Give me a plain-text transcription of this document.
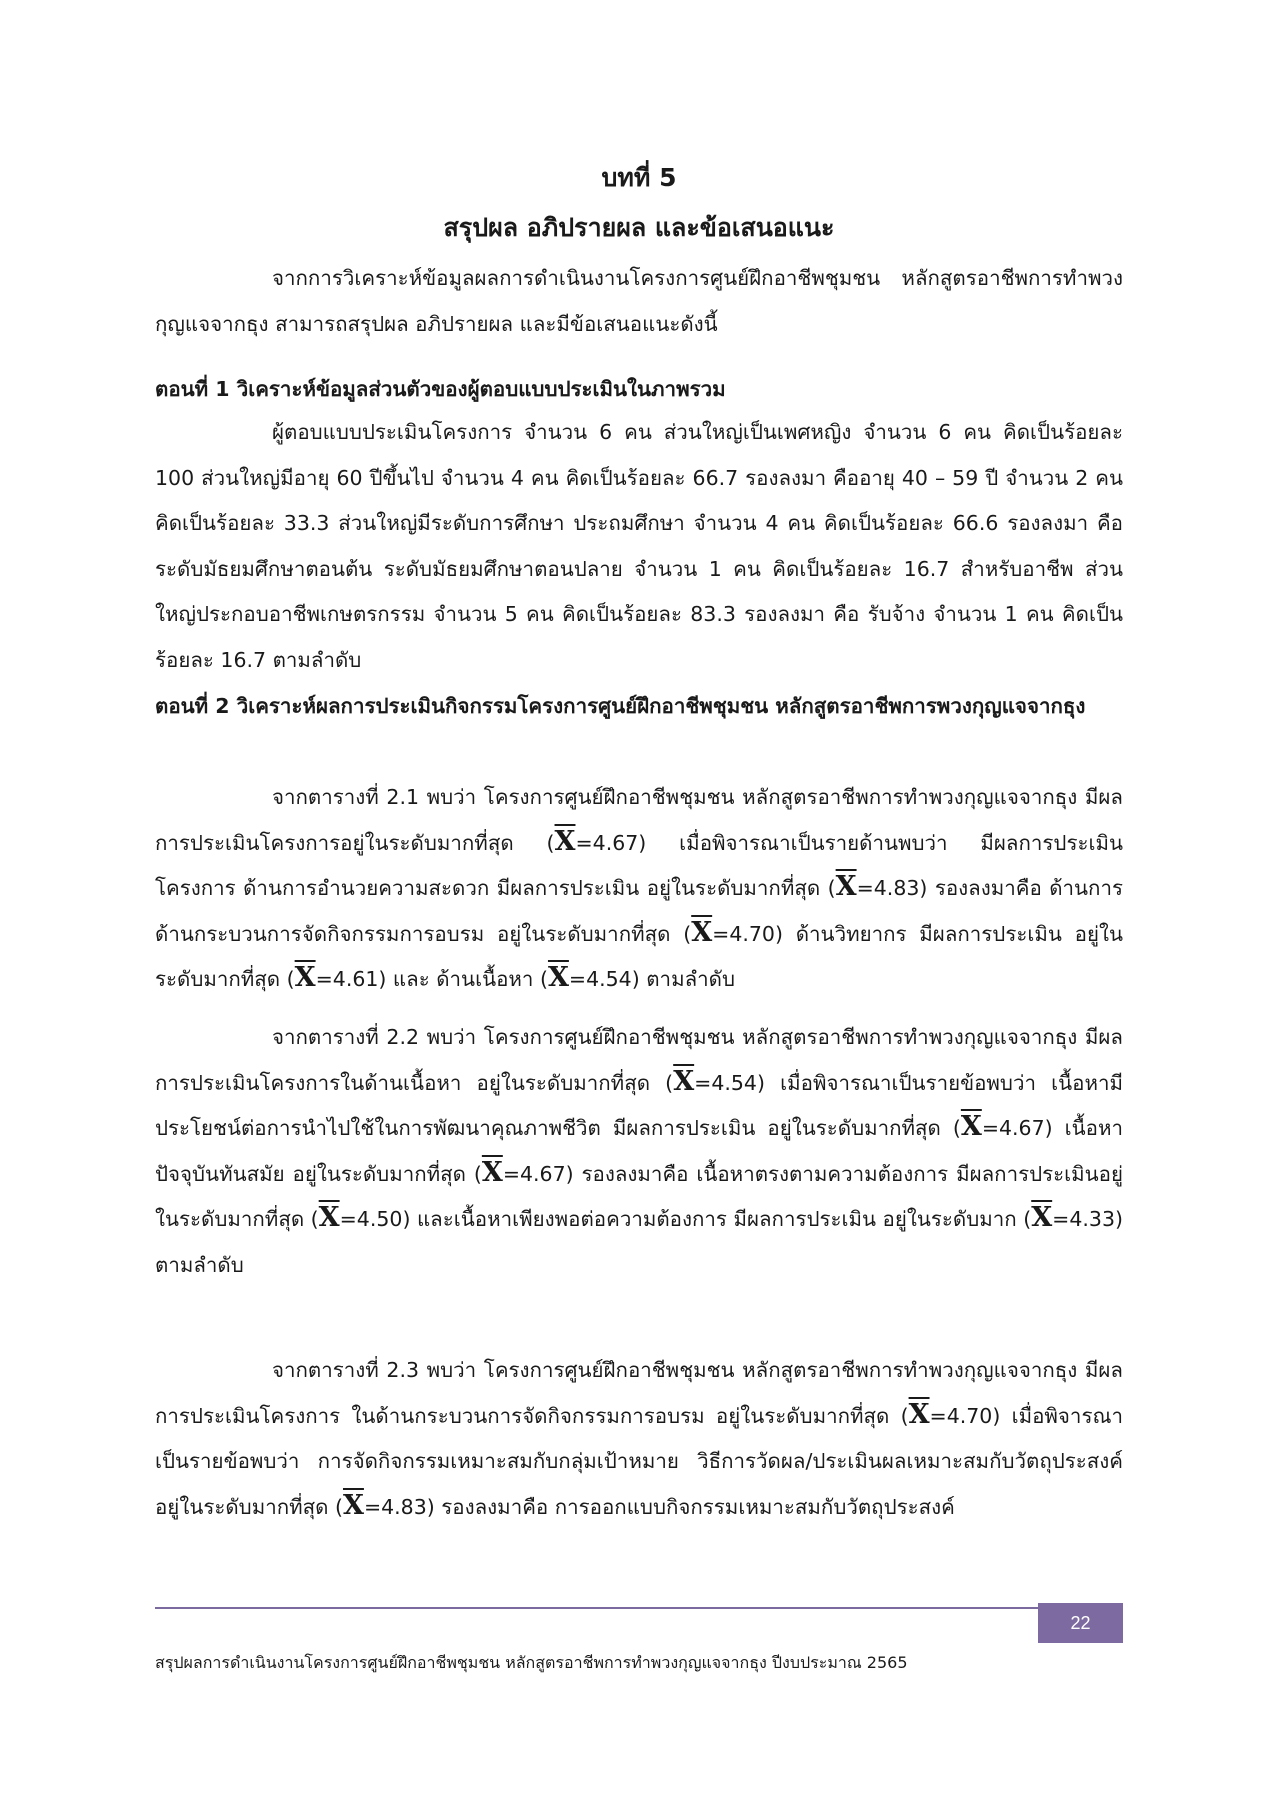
บทที่ 5
สรุปผล อภิปรายผล และข้อเสนอแนะ

จากการวิเคราะห์ข้อมูลผลการดำเนินงานโครงการศูนย์ฝึกอาชีพชุมชน หลักสูตรอาชีพการทำพวงกุญแจจากธุง สามารถสรุปผล อภิปรายผล และมีข้อเสนอแนะดังนี้

ตอนที่ 1 วิเคราะห์ข้อมูลส่วนตัวของผู้ตอบแบบประเมินในภาพรวม

ผู้ตอบแบบประเมินโครงการ จำนวน 6 คน ส่วนใหญ่เป็นเพศหญิง จำนวน 6 คน คิดเป็นร้อยละ 100 ส่วนใหญ่มีอายุ 60 ปีขึ้นไป จำนวน 4 คน คิดเป็นร้อยละ 66.7 รองลงมา คืออายุ 40 – 59 ปี จำนวน 2 คน คิดเป็นร้อยละ 33.3 ส่วนใหญ่มีระดับการศึกษา ประถมศึกษา จำนวน 4 คน คิดเป็นร้อยละ 66.6 รองลงมา คือ ระดับมัธยมศึกษาตอนต้น ระดับมัธยมศึกษาตอนปลาย จำนวน 1 คน คิดเป็นร้อยละ 16.7 สำหรับอาชีพ ส่วนใหญ่ประกอบอาชีพเกษตรกรรม จำนวน 5 คน คิดเป็นร้อยละ 83.3 รองลงมา คือ รับจ้าง จำนวน 1 คน คิดเป็นร้อยละ 16.7 ตามลำดับ

ตอนที่ 2 วิเคราะห์ผลการประเมินกิจกรรมโครงการศูนย์ฝึกอาชีพชุมชน หลักสูตรอาชีพการพวงกุญแจจากธุง

จากตารางที่ 2.1 พบว่า โครงการศูนย์ฝึกอาชีพชุมชน หลักสูตรอาชีพการทำพวงกุญแจจากธุง มีผลการประเมินโครงการอยู่ในระดับมากที่สุด $(\overline{X}=4.67)$ เมื่อพิจารณาเป็นรายด้านพบว่า มีผลการประเมินโครงการ ด้านการอำนวยความสะดวก มีผลการประเมิน อยู่ในระดับมากที่สุด $(\overline{X}=4.83)$ รองลงมาคือ ด้านการด้านกระบวนการจัดกิจกรรมการอบรม อยู่ในระดับมากที่สุด $(\overline{X}=4.70)$ ด้านวิทยากร มีผลการประเมิน อยู่ในระดับมากที่สุด $(\overline{X}=4.61)$ และ ด้านเนื้อหา $(\overline{X}=4.54)$ ตามลำดับ

จากตารางที่ 2.2 พบว่า โครงการศูนย์ฝึกอาชีพชุมชน หลักสูตรอาชีพการทำพวงกุญแจจากธุง มีผลการประเมินโครงการในด้านเนื้อหา อยู่ในระดับมากที่สุด $(\overline{X}=4.54)$ เมื่อพิจารณาเป็นรายข้อพบว่า เนื้อหามีประโยชน์ต่อการนำไปใช้ในการพัฒนาคุณภาพชีวิต มีผลการประเมิน อยู่ในระดับมากที่สุด $(\overline{X}=4.67)$ เนื้อหาปัจจุบันทันสมัย อยู่ในระดับมากที่สุด $(\overline{X}=4.67)$ รองลงมาคือ เนื้อหาตรงตามความต้องการ มีผลการประเมินอยู่ในระดับมากที่สุด $(\overline{X}=4.50)$ และเนื้อหาเพียงพอต่อความต้องการ มีผลการประเมิน อยู่ในระดับมาก $(\overline{X}=4.33)$ ตามลำดับ

จากตารางที่ 2.3 พบว่า โครงการศูนย์ฝึกอาชีพชุมชน หลักสูตรอาชีพการทำพวงกุญแจจากธุง มีผลการประเมินโครงการ ในด้านกระบวนการจัดกิจกรรมการอบรม อยู่ในระดับมากที่สุด $(\overline{X}=4.70)$ เมื่อพิจารณาเป็นรายข้อพบว่า การจัดกิจกรรมเหมาะสมกับกลุ่มเป้าหมาย วิธีการวัดผล/ประเมินผลเหมาะสมกับวัตถุประสงค์อยู่ในระดับมากที่สุด $(\overline{X}=4.83)$ รองลงมาคือ การออกแบบกิจกรรมเหมาะสมกับวัตถุประสงค์

22

สรุปผลการดำเนินงานโครงการศูนย์ฝึกอาชีพชุมชน หลักสูตรอาชีพการทำพวงกุญแจจากธุง ปีงบประมาณ 2565
